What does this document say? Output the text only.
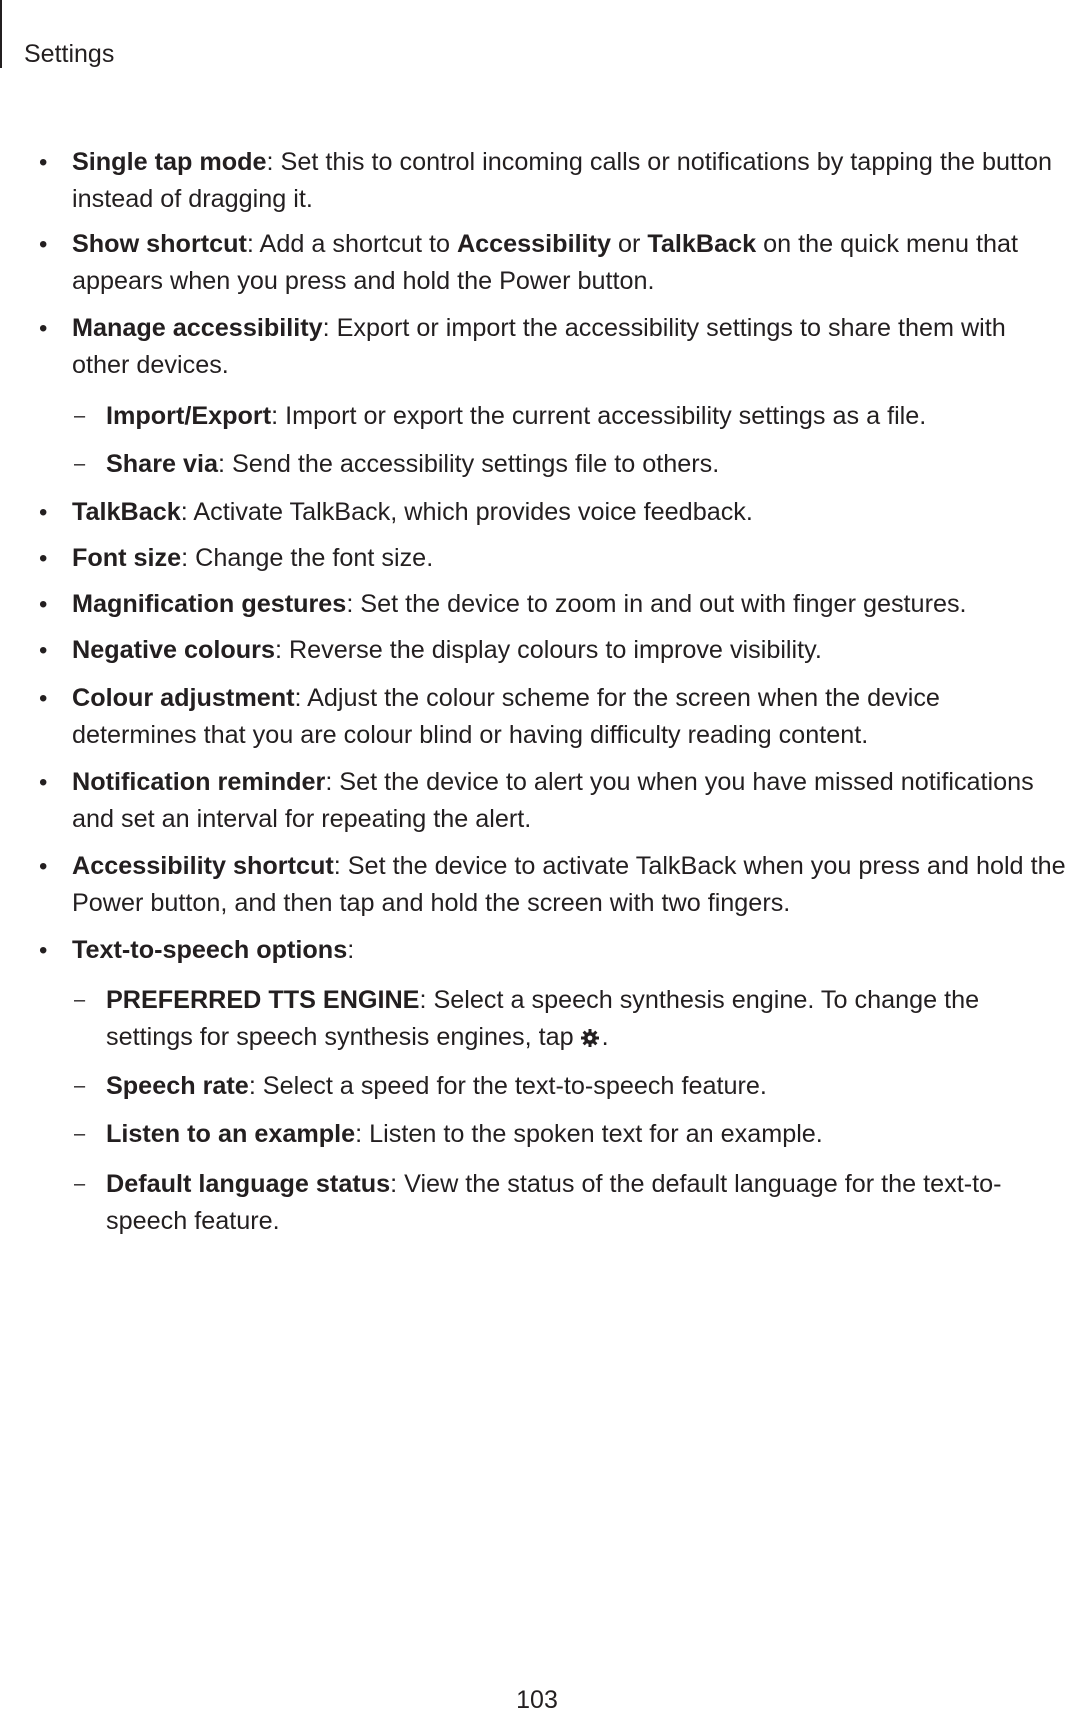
Settings
• Single tap mode: Set this to control incoming calls or notifications by tapping the button instead of dragging it.
• Show shortcut: Add a shortcut to Accessibility or TalkBack on the quick menu that appears when you press and hold the Power button.
• Manage accessibility: Export or import the accessibility settings to share them with other devices.
– Import/Export: Import or export the current accessibility settings as a file.
– Share via: Send the accessibility settings file to others.
• TalkBack: Activate TalkBack, which provides voice feedback.
• Font size: Change the font size.
• Magnification gestures: Set the device to zoom in and out with finger gestures.
• Negative colours: Reverse the display colours to improve visibility.
• Colour adjustment: Adjust the colour scheme for the screen when the device determines that you are colour blind or having difficulty reading content.
• Notification reminder: Set the device to alert you when you have missed notifications and set an interval for repeating the alert.
• Accessibility shortcut: Set the device to activate TalkBack when you press and hold the Power button, and then tap and hold the screen with two fingers.
• Text-to-speech options:
– PREFERRED TTS ENGINE: Select a speech synthesis engine. To change the settings for speech synthesis engines, tap .
– Speech rate: Select a speed for the text-to-speech feature.
– Listen to an example: Listen to the spoken text for an example.
– Default language status: View the status of the default language for the text-to-speech feature.
103
